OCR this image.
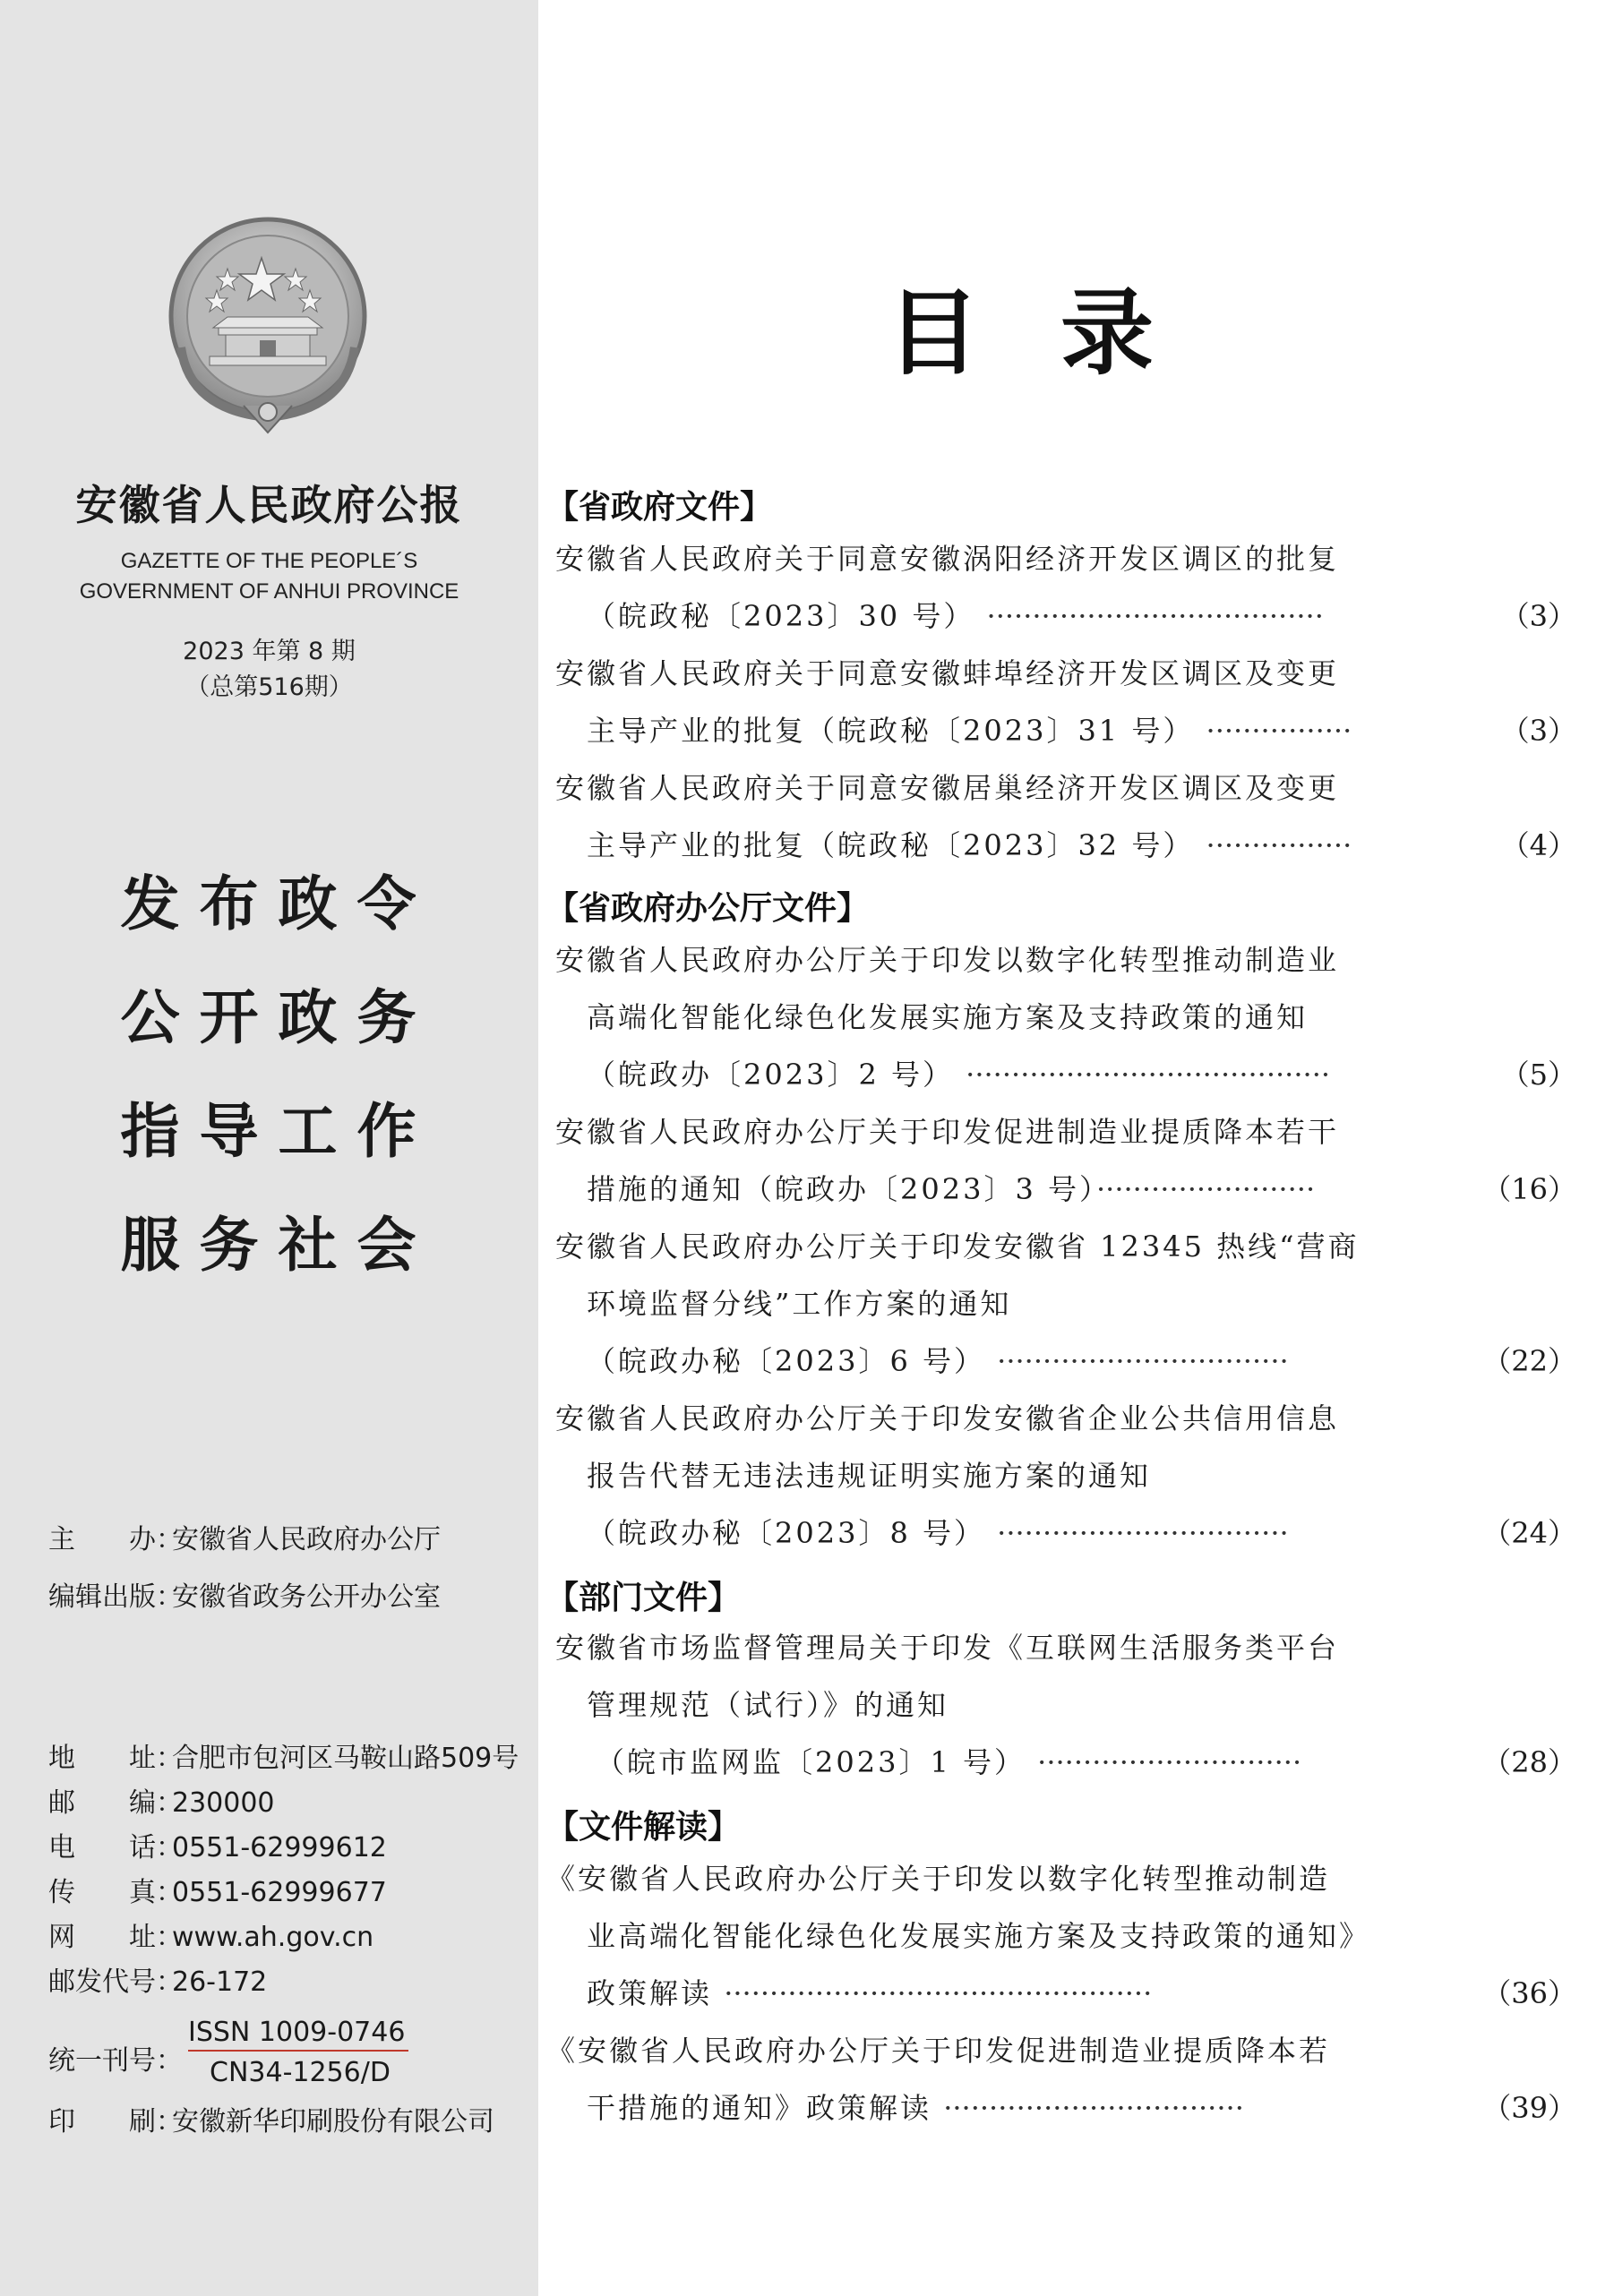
安徽省人民政府公报
GAZETTE OF THE PEOPLE´S
GOVERNMENT OF ANHUI PROVINCE
2023 年第 8 期
（总第516期）
发布政令
公开政务
指导工作
服务社会
主　　办：安徽省人民政府办公厅
编辑出版：安徽省政务公开办公室
地　　址：合肥市包河区马鞍山路509号
邮　　编：230000
电　　话：0551-62999612
传　　真：0551-62999677
网　　址：www.ah.gov.cn
邮发代号：26-172
统一刊号：
ISSN 1009-0746
CN34-1256/D
印　　刷：安徽新华印刷股份有限公司
目录
【省政府文件】
安徽省人民政府关于同意安徽涡阳经济开发区调区的批复
（皖政秘〔2023〕30 号） ·····································	（3）
安徽省人民政府关于同意安徽蚌埠经济开发区调区及变更
主导产业的批复（皖政秘〔2023〕31 号） ················	（3）
安徽省人民政府关于同意安徽居巢经济开发区调区及变更
主导产业的批复（皖政秘〔2023〕32 号） ················	（4）
【省政府办公厅文件】
安徽省人民政府办公厅关于印发以数字化转型推动制造业
高端化智能化绿色化发展实施方案及支持政策的通知
（皖政办〔2023〕2 号） ········································	（5）
安徽省人民政府办公厅关于印发促进制造业提质降本若干
措施的通知（皖政办〔2023〕3 号）························	（16）
安徽省人民政府办公厅关于印发安徽省 12345 热线“营商
环境监督分线”工作方案的通知
（皖政办秘〔2023〕6 号） ································	（22）
安徽省人民政府办公厅关于印发安徽省企业公共信用信息
报告代替无违法违规证明实施方案的通知
（皖政办秘〔2023〕8 号） ································	（24）
【部门文件】
安徽省市场监督管理局关于印发《互联网生活服务类平台
管理规范（试行）》的通知
（皖市监网监〔2023〕1 号） ·····························	（28）
【文件解读】
《安徽省人民政府办公厅关于印发以数字化转型推动制造
业高端化智能化绿色化发展实施方案及支持政策的通知》
政策解读 ···············································	（36）
《安徽省人民政府办公厅关于印发促进制造业提质降本若
干措施的通知》政策解读 ·································	（39）
